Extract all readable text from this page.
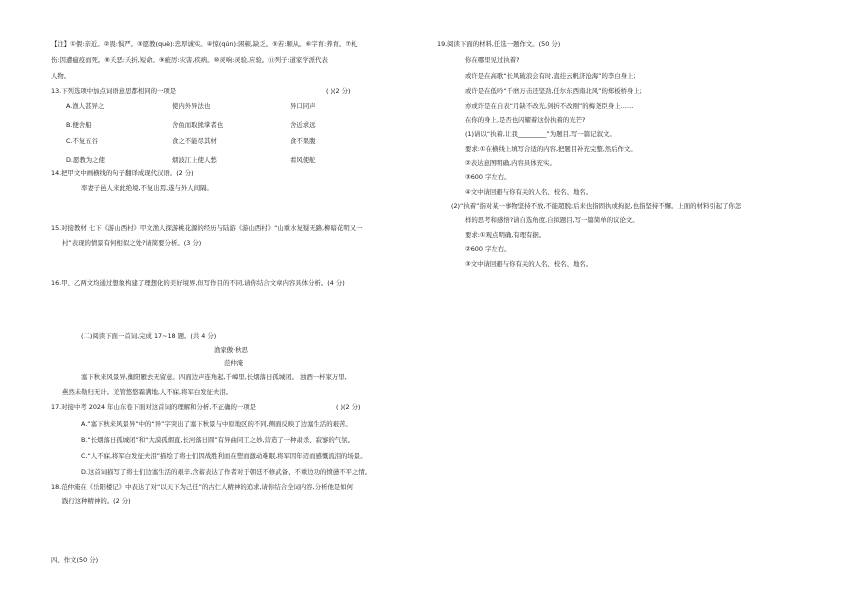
【注】①偎:亲近。②畏:惧严。③愿教(què):忠厚诚实。④惊(qún):困顿,缺乏。⑤若:顺从。⑥字育:养育。⑦札
伤:因遭瘟疫而死。⑧夭恶:夭折,短命。⑨疵厉:灾害,疾病。⑩灵响:灵验,应验。⑪列子:道家学派代表
人物。
13.下列选项中加点词语意思都相同的一项是	( )(2 分)
A.渔人甚异之	使内外异法也	异口同声
B.便舍船	舍鱼而取熊掌者也	舍近求远
C.不复五谷	食之不能尽其材	食不果腹
D.愿教为之使	烟波江上使人愁	看风使舵
14.把甲文中画横线的句子翻译成现代汉语。(2 分)
率妻子邑人来此绝境,不复出焉,遂与外人间隔。
15.对接教材 七下《游山西村》甲文渔人探游桃花源的经历与陆游《游山西村》“山重水复疑无路,柳暗花明又一
村”表现的情景有何相似之处?请简要分析。(3 分)
16.甲、乙两文均通过想象构建了理想化的美好境界,但写作目的不同,请你结合文章内容具体分析。(4 分)
(二)阅读下面一首词,完成 17~18 题。(共 4 分)
渔家傲·秋思
范仲淹
塞下秋来风景异,衡阳雁去无留意。四面边声连角起,千嶂里,长烟落日孤城闭。 浊酒一杯家万里,
燕然未勒归无计。羌管悠悠霜满地,人不寐,将军白发征夫泪。
17.对接中考 2024 年山东卷下面对这首词的理解和分析,不正确的一项是	( )(2 分)
A.“塞下秋来风景异”中的“异”字突出了塞下秋景与中原地区的不同,侧面反映了边塞生活的艰苦。
B.“长烟落日孤城闭”和“大漠孤烟直,长河落日圆”有异曲同工之妙,营造了一种肃杀、寂寥的气氛。
C.“人不寐,将军白发征夫泪”描绘了将士们因战胜利而在塑而激动难眠,将军因年迈而感慨流泪的场景。
D.这首词描写了将士们边塞生活的艰辛,含蓄表达了作者对于朝廷不修武备、不重边功的愤懑不平之情。
18.范仲淹在《岳阳楼记》中表达了对“以天下为己任”的古仁人精神的追求,请你结合全词内容,分析他是如何
践行这种精神的。(2 分)
四、作文(50 分)
19.阅读下面的材料,任选一题作文。(50 分)
你在哪里见过执着?
或许是在高歌“长风破浪会有时,直挂云帆济沧海”的李白身上;
或许是在低吟“千磨万击还坚劲,任尔东西南北风”的郑板桥身上;
亦或许是在自表“月缺不改光,剑折不改刚”的梅尧臣身上……
在你的身上,是否也闪耀着这份执着的光芒?
(1)请以“执着,让我_________”为题目,写一篇记叙文。
要求:①在横线上填写合适的内容,把题目补充完整,然后作文。
②表达意图明确,内容具体充实。
③600 字左右。
④文中请回避与你有关的人名、校名、地名。
(2)“执着”指对某一事物坚持不放,不能超脱;后来也指固执或拘泥,也指坚持不懈。上面的材料引起了你怎
样的思考和感悟?请自选角度,自拟题目,写一篇简单的议论文。
要求:①观点明确,有理有据。
②600 字左右。
③文中请回避与你有关的人名、校名、地名。
